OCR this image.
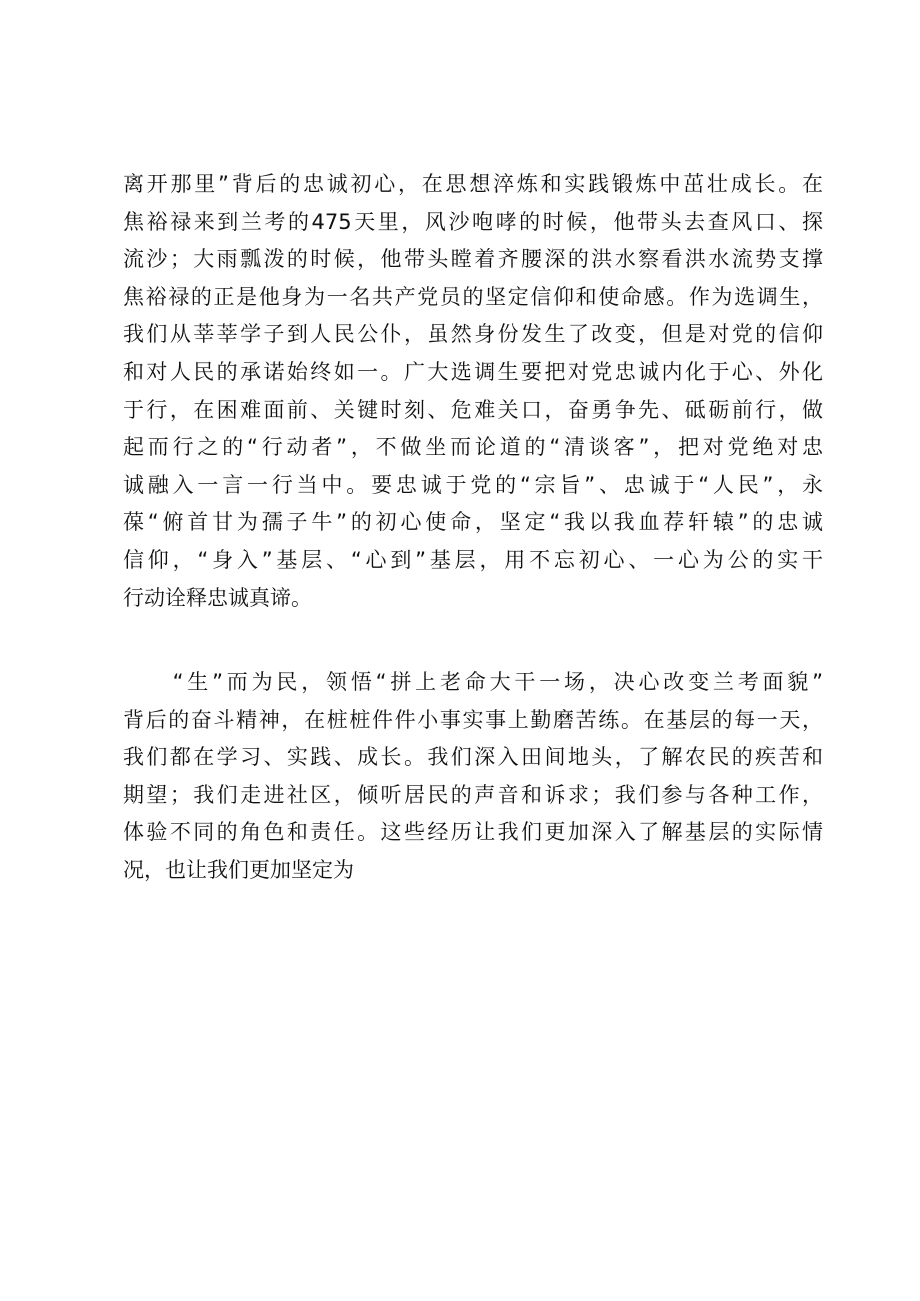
离开那里”背后的忠诚初心，在思想淬炼和实践锻炼中茁壮成长。在
焦裕禄来到兰考的475天里，风沙咆哮的时候，他带头去查风口、探
流沙；大雨瓢泼的时候，他带头瞠着齐腰深的洪水察看洪水流势支撑
焦裕禄的正是他身为一名共产党员的坚定信仰和使命感。作为选调生，
我们从莘莘学子到人民公仆，虽然身份发生了改变，但是对党的信仰
和对人民的承诺始终如一。广大选调生要把对党忠诚内化于心、外化
于行，在困难面前、关键时刻、危难关口，奋勇争先、砥砺前行，做
起而行之的“行动者”，不做坐而论道的“清谈客”，把对党绝对忠
诚融入一言一行当中。要忠诚于党的“宗旨”、忠诚于“人民”，永
葆“俯首甘为孺子牛”的初心使命，坚定“我以我血荐轩辕”的忠诚
信仰，“身入”基层、“心到”基层，用不忘初心、一心为公的实干
行动诠释忠诚真谛。
　　“生”而为民，领悟“拼上老命大干一场，决心改变兰考面貌”
背后的奋斗精神，在桩桩件件小事实事上勤磨苦练。在基层的每一天，
我们都在学习、实践、成长。我们深入田间地头，了解农民的疾苦和
期望；我们走进社区，倾听居民的声音和诉求；我们参与各种工作，
体验不同的角色和责任。这些经历让我们更加深入了解基层的实际情
况，也让我们更加坚定为
